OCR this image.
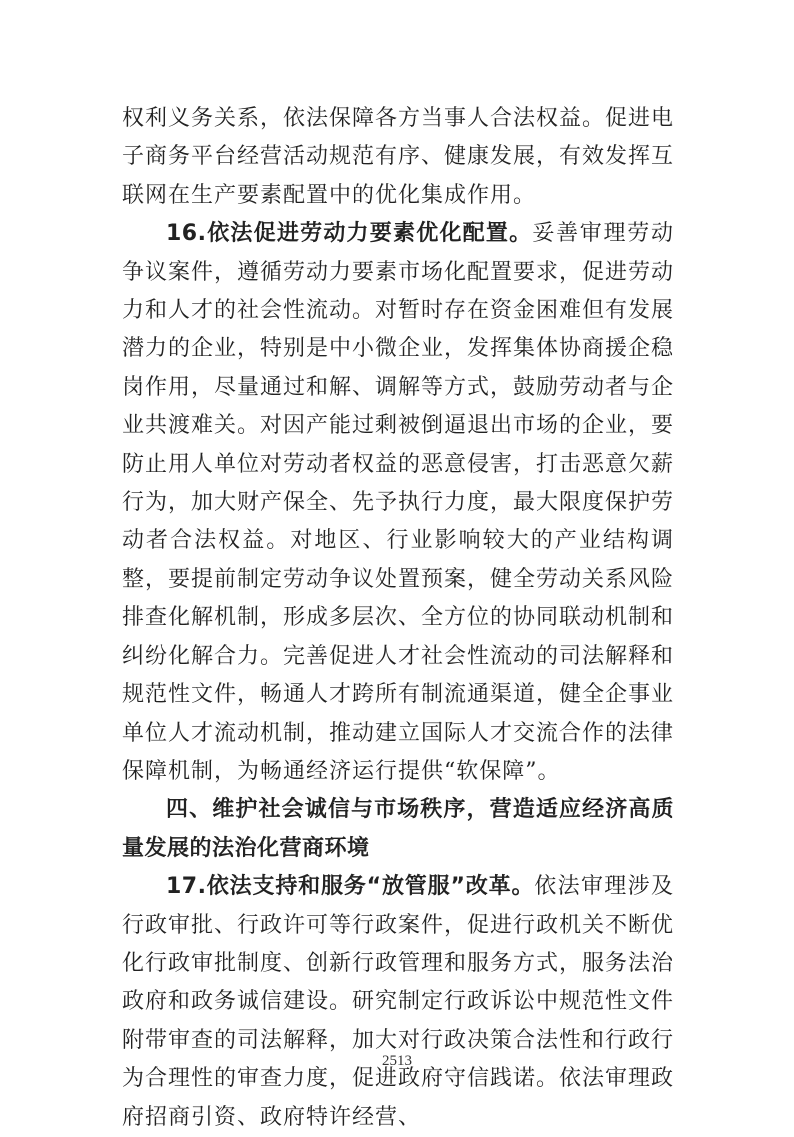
权利义务关系，依法保障各方当事人合法权益。促进电子商务平台经营活动规范有序、健康发展，有效发挥互联网在生产要素配置中的优化集成作用。

16.依法促进劳动力要素优化配置。妥善审理劳动争议案件，遵循劳动力要素市场化配置要求，促进劳动力和人才的社会性流动。对暂时存在资金困难但有发展潜力的企业，特别是中小微企业，发挥集体协商援企稳岗作用，尽量通过和解、调解等方式，鼓励劳动者与企业共渡难关。对因产能过剩被倒逼退出市场的企业，要防止用人单位对劳动者权益的恶意侵害，打击恶意欠薪行为，加大财产保全、先予执行力度，最大限度保护劳动者合法权益。对地区、行业影响较大的产业结构调整，要提前制定劳动争议处置预案，健全劳动关系风险排查化解机制，形成多层次、全方位的协同联动机制和纠纷化解合力。完善促进人才社会性流动的司法解释和规范性文件，畅通人才跨所有制流通渠道，健全企事业单位人才流动机制，推动建立国际人才交流合作的法律保障机制，为畅通经济运行提供“软保障”。

四、维护社会诚信与市场秩序，营造适应经济高质量发展的法治化营商环境

17.依法支持和服务“放管服”改革。依法审理涉及行政审批、行政许可等行政案件，促进行政机关不断优化行政审批制度、创新行政管理和服务方式，服务法治政府和政务诚信建设。研究制定行政诉讼中规范性文件附带审查的司法解释，加大对行政决策合法性和行政行为合理性的审查力度，促进政府守信践诺。依法审理政府招商引资、政府特许经营、

2513
